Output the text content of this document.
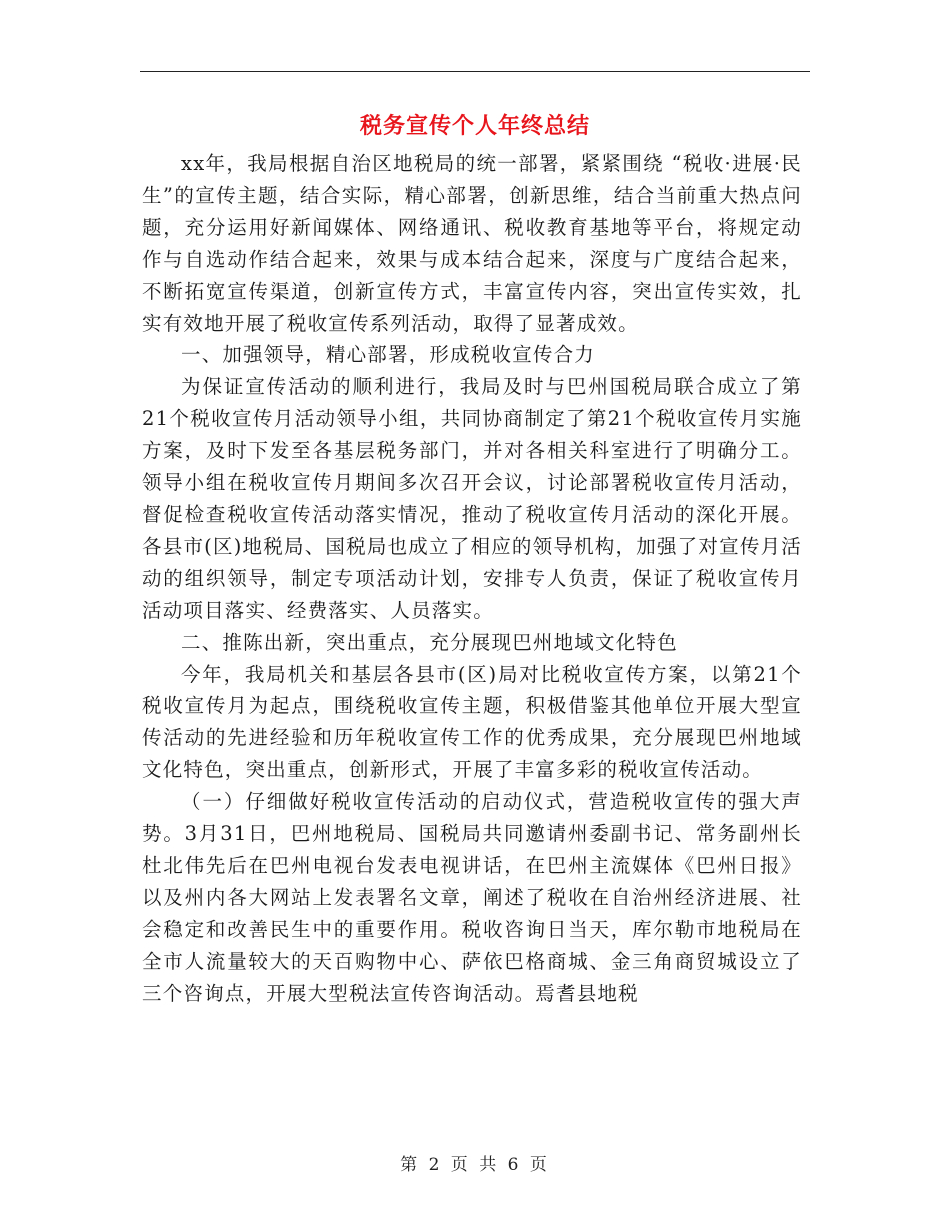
税务宣传个人年终总结

xx年，我局根据自治区地税局的统一部署，紧紧围绕 “税收·进展·民生”的宣传主题，结合实际，精心部署，创新思维，结合当前重大热点问题，充分运用好新闻媒体、网络通讯、税收教育基地等平台，将规定动作与自选动作结合起来，效果与成本结合起来，深度与广度结合起来，不断拓宽宣传渠道，创新宣传方式，丰富宣传内容，突出宣传实效，扎实有效地开展了税收宣传系列活动，取得了显著成效。

一、加强领导，精心部署，形成税收宣传合力

为保证宣传活动的顺利进行，我局及时与巴州国税局联合成立了第21个税收宣传月活动领导小组，共同协商制定了第21个税收宣传月实施方案，及时下发至各基层税务部门，并对各相关科室进行了明确分工。领导小组在税收宣传月期间多次召开会议，讨论部署税收宣传月活动，督促检查税收宣传活动落实情况，推动了税收宣传月活动的深化开展。各县市(区)地税局、国税局也成立了相应的领导机构，加强了对宣传月活动的组织领导，制定专项活动计划，安排专人负责，保证了税收宣传月活动项目落实、经费落实、人员落实。

二、推陈出新，突出重点，充分展现巴州地域文化特色

今年，我局机关和基层各县市(区)局对比税收宣传方案，以第21个税收宣传月为起点，围绕税收宣传主题，积极借鉴其他单位开展大型宣传活动的先进经验和历年税收宣传工作的优秀成果，充分展现巴州地域文化特色，突出重点，创新形式，开展了丰富多彩的税收宣传活动。

（一）仔细做好税收宣传活动的启动仪式，营造税收宣传的强大声势。3月31日，巴州地税局、国税局共同邀请州委副书记、常务副州长杜北伟先后在巴州电视台发表电视讲话，在巴州主流媒体《巴州日报》以及州内各大网站上发表署名文章，阐述了税收在自治州经济进展、社会稳定和改善民生中的重要作用。税收咨询日当天，库尔勒市地税局在全市人流量较大的天百购物中心、萨依巴格商城、金三角商贸城设立了三个咨询点，开展大型税法宣传咨询活动。焉耆县地税

第 2 页 共 6 页
